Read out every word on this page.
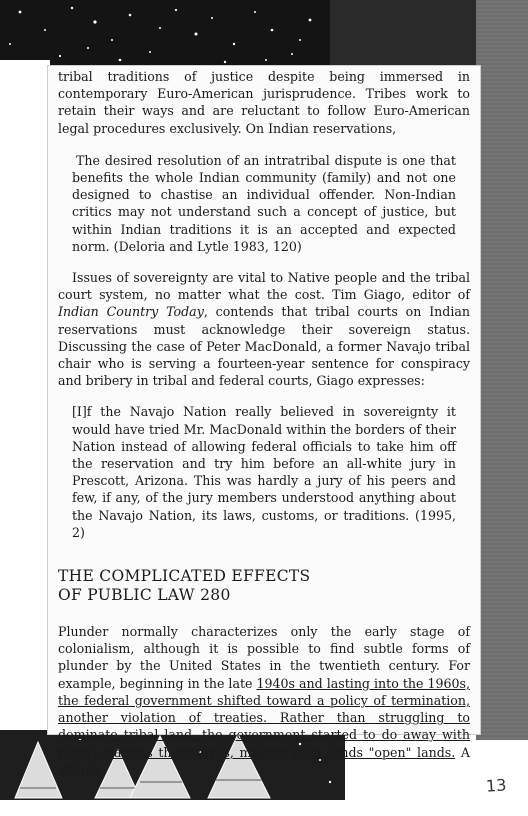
tribal traditions of justice despite being immersed in contemporary Euro-American jurisprudence. Tribes work to retain their ways and are reluctant to follow Euro-American legal procedures exclusively. On Indian reservations,

The desired resolution of an intratribal dispute is one that benefits the whole Indian community (family) and not one designed to chastise an individual offender. Non-Indian critics may not understand such a concept of justice, but within Indian traditions it is an accepted and expected norm. (Deloria and Lytle 1983, 120)

Issues of sovereignty are vital to Native people and the tribal court system, no matter what the cost. Tim Giago, editor of Indian Country Today, contends that tribal courts on Indian reservations must acknowledge their sovereign status. Discussing the case of Peter MacDonald, a former Navajo tribal chair who is serving a fourteen-year sentence for conspiracy and bribery in tribal and federal courts, Giago expresses:

[I]f the Navajo Nation really believed in sovereignty it would have tried Mr. MacDonald within the borders of their Nation instead of allowing federal officials to take him off the reservation and try him before an all-white jury in Prescott, Arizona. This was hardly a jury of his peers and few, if any, of the jury members understood anything about the Navajo Nation, its laws, customs, or traditions. (1995, 2)

THE COMPLICATED EFFECTS
OF PUBLIC LAW 280

Plunder normally characterizes only the early stage of colonialism, although it is possible to find subtle forms of plunder by the United States in the twentieth century. For example, beginning in the late 1940s and lasting into the 1960s, the federal government shifted toward a policy of termination, another violation of treaties. Rather than struggling to dominate tribal land, the government started to do away with Native nations themselves, making their lands "open" lands. A simple

13
